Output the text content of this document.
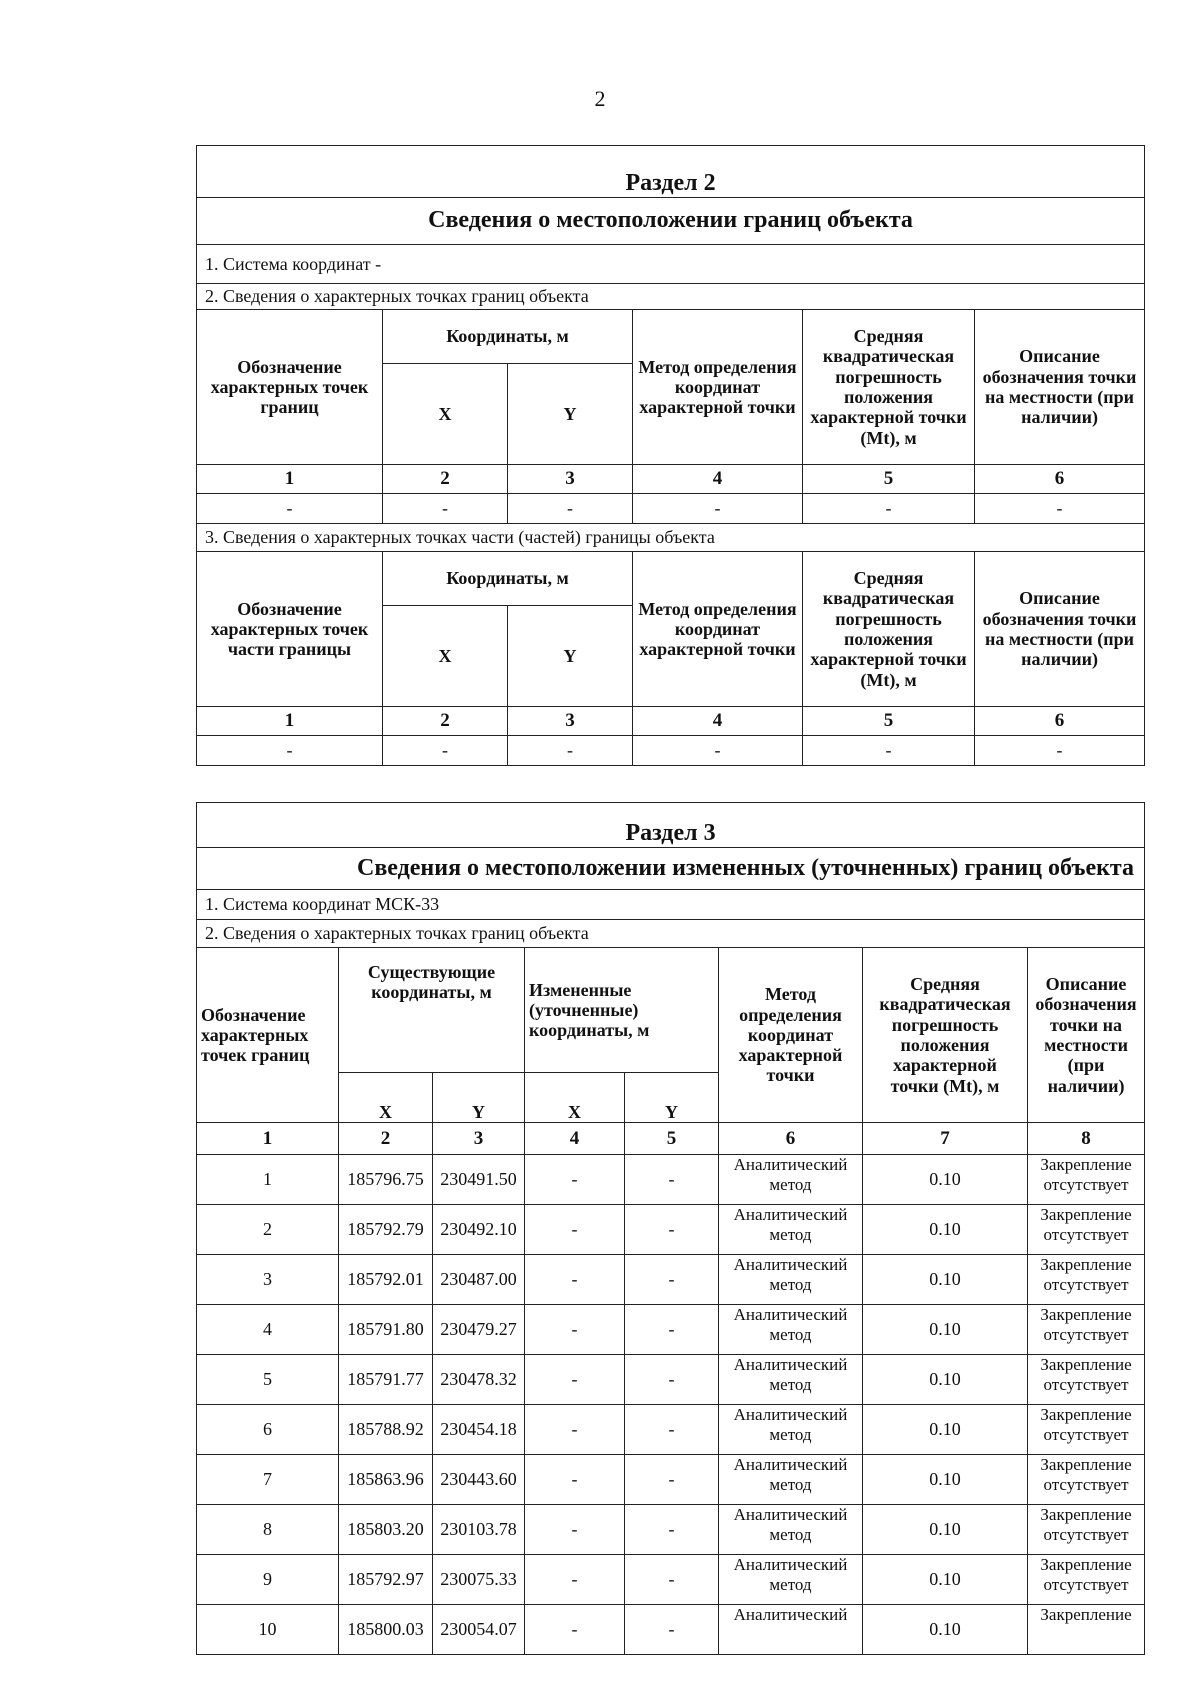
2
Раздел 2					
Сведения о местоположении границ объекта					
1. Система координат -					
2. Сведения о характерных точках границ объекта					
Обозначение характерных точек границ	Координаты, м		Метод определения координат характерной точки	Средняя квадратическая погрешность положения характерной точки (Mt), м	Описание обозначения точки на местности (при наличии)
	X	Y			
1	2	3	4	5	6
-	-	-	-	-	-
3. Сведения о характерных точках части (частей) границы объекта					
Обозначение характерных точек части границы	Координаты, м		Метод определения координат характерной точки	Средняя квадратическая погрешность положения характерной точки (Mt), м	Описание обозначения точки на местности (при наличии)
	X	Y			
1	2	3	4	5	6
-	-	-	-	-	-
Раздел 3							
Сведения о местоположении измененных (уточненных) границ объекта							
1. Система координат МСК-33							
2. Сведения о характерных точках границ объекта							
Обозначение характерных точек границ	Существующие координаты, м		Измененные (уточненные) координаты, м		Метод определения координат характерной точки	Средняя квадратическая погрешность положения характерной точки (Mt), м	Описание обозначения точки на местности (при наличии)
	X	Y	X	Y			
1	2	3	4	5	6	7	8
1	185796.75	230491.50	-	-	Аналитический метод	0.10	Закрепление отсутствует
2	185792.79	230492.10	-	-	Аналитический метод	0.10	Закрепление отсутствует
3	185792.01	230487.00	-	-	Аналитический метод	0.10	Закрепление отсутствует
4	185791.80	230479.27	-	-	Аналитический метод	0.10	Закрепление отсутствует
5	185791.77	230478.32	-	-	Аналитический метод	0.10	Закрепление отсутствует
6	185788.92	230454.18	-	-	Аналитический метод	0.10	Закрепление отсутствует
7	185863.96	230443.60	-	-	Аналитический метод	0.10	Закрепление отсутствует
8	185803.20	230103.78	-	-	Аналитический метод	0.10	Закрепление отсутствует
9	185792.97	230075.33	-	-	Аналитический метод	0.10	Закрепление отсутствует
10	185800.03	230054.07	-	-	Аналитический	0.10	Закрепление
